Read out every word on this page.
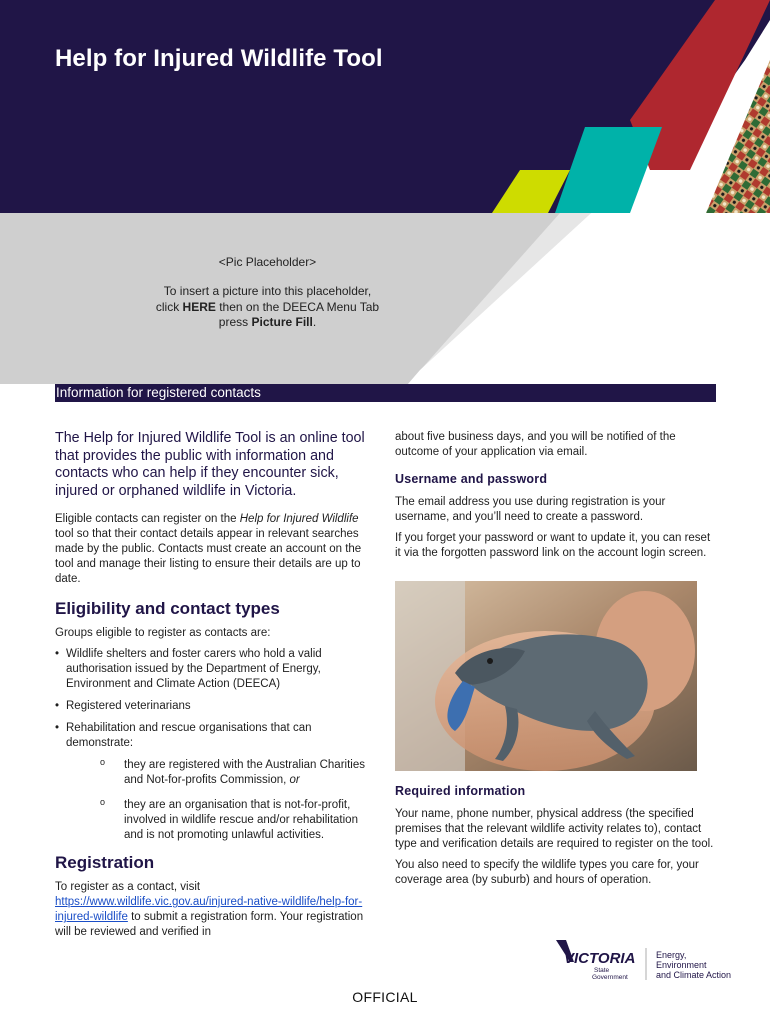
Help for Injured Wildlife Tool
<Pic Placeholder>
To insert a picture into this placeholder,
click HERE then on the DEECA Menu Tab
press Picture Fill.
Information for registered contacts

The Help for Injured Wildlife Tool is an online tool that provides the public with information and contacts who can help if they encounter sick, injured or orphaned wildlife in Victoria.

Eligible contacts can register on the Help for Injured Wildlife tool so that their contact details appear in relevant searches made by the public. Contacts must create an account on the tool and manage their listing to ensure their details are up to date.

Eligibility and contact types

Groups eligible to register as contacts are:

• Wildlife shelters and foster carers who hold a valid authorisation issued by the Department of Energy, Environment and Climate Action (DEECA)
• Registered veterinarians
• Rehabilitation and rescue organisations that can demonstrate:
o they are registered with the Australian Charities and Not-for-profits Commission, or
o they are an organisation that is not-for-profit, involved in wildlife rescue and/or rehabilitation and is not promoting unlawful activities.
Registration

To register as a contact, visit https://www.wildlife.vic.gov.au/injured-native-wildlife/help-for-injured-wildlife to submit a registration form. Your registration will be reviewed and verified in

about five business days, and you will be notified of the outcome of your application via email.

Username and password

The email address you use during registration is your username, and you’ll need to create a password.

If you forget your password or want to update it, you can reset it via the forgotten password link on the account login screen.

Required information

Your name, phone number, physical address (the specified premises that the relevant wildlife activity relates to), contact type and verification details are required to register on the tool.

You also need to specify the wildlife types you care for, your coverage area (by suburb) and hours of operation.

VICTORIA
State
Government
Energy,
Environment
and Climate Action
OFFICIAL
